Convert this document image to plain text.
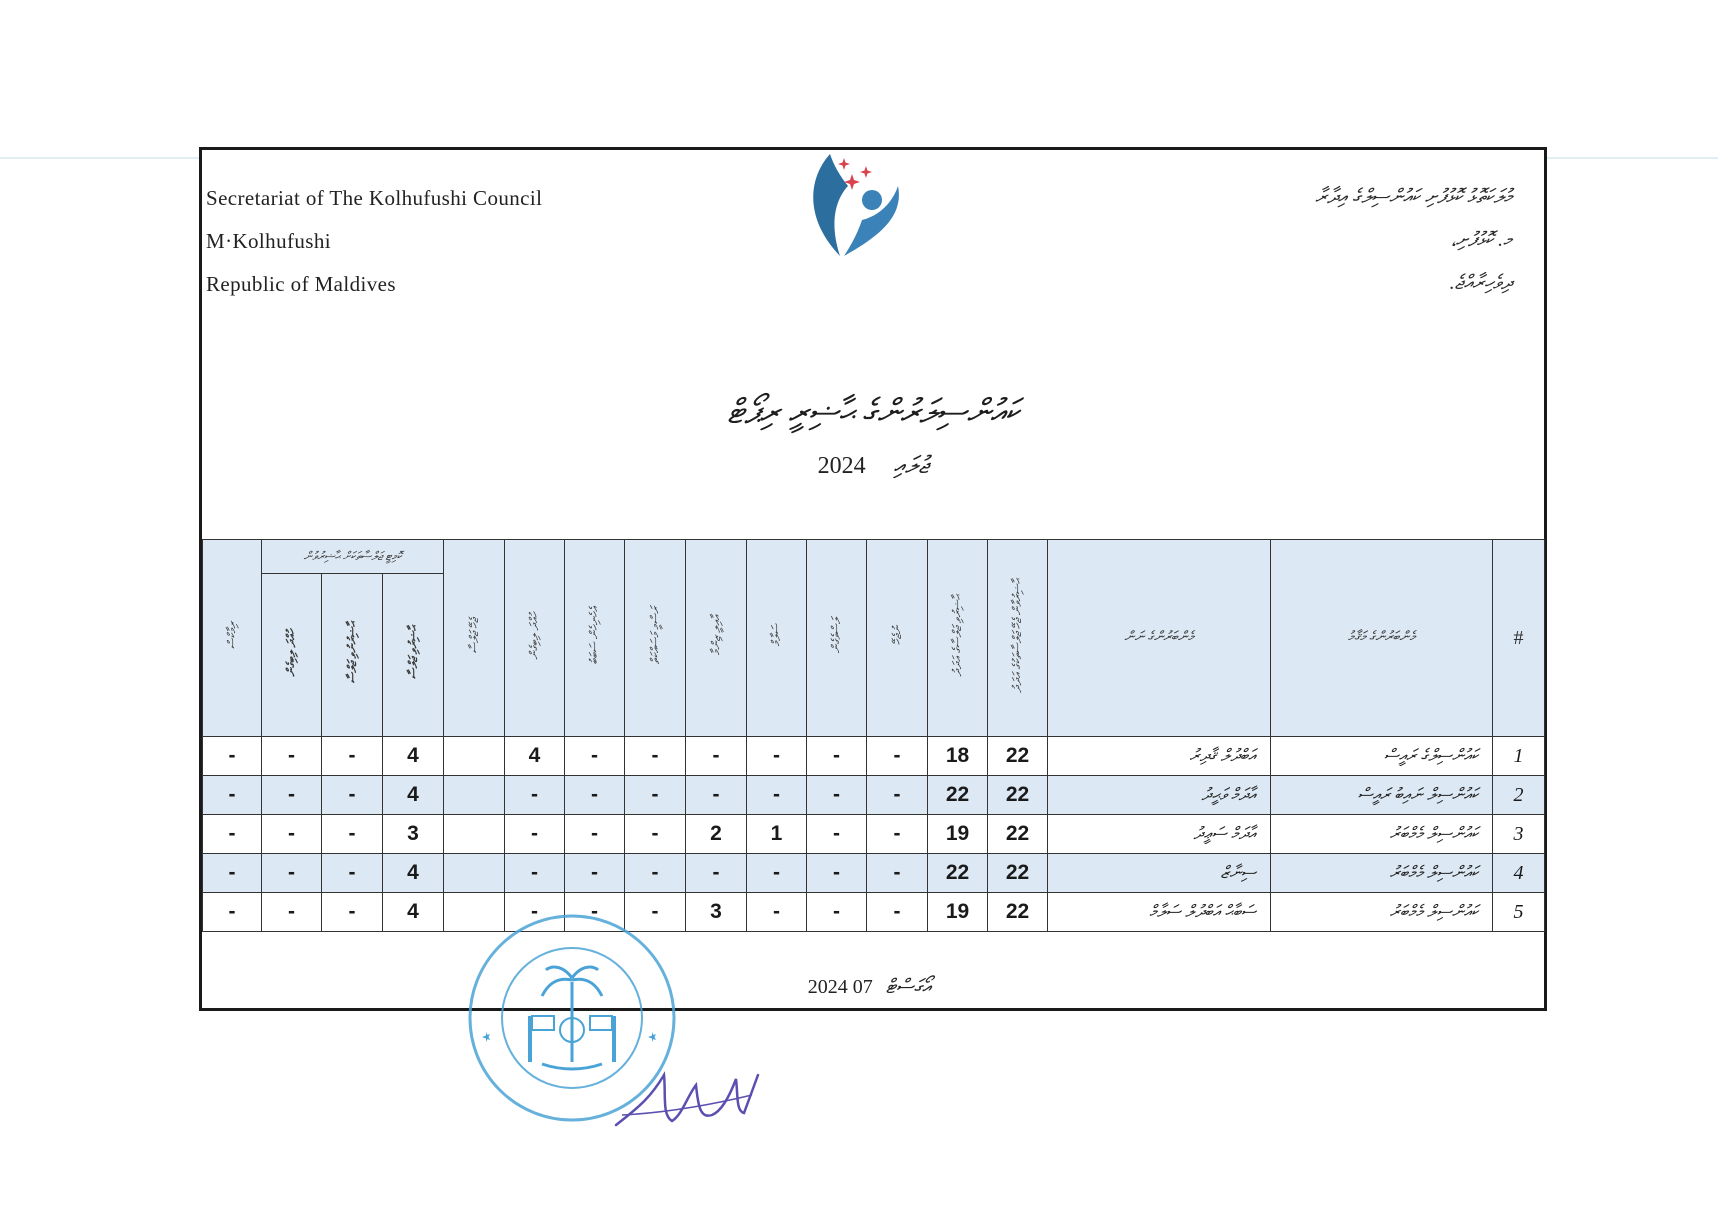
Secretariat of The Kolhufushi Council
M·Kolhufushi
Republic of Maldives
މުލަކަތޮޅު ކޮޅުފުށި ކައުންސިލްގެ އިދާރާ
މ. ކޮޅުފުށި،
ދިވެހިރާއްޖެ.
ކައުންސިލަރުންގެ ޙާޟިރީ ރިޕޯޓް
2024 ޖުލައި
ރިމާކްސް	ކޮމިޓީ ޖަލްސާތަކަށް ޙާޟިރުވުން			ޖެހޭ ޖަލްސާ	ހުއްދަ ލިބިގެން	އެހެނިހެން ސަބަބު	ރަސްމީ މަސައްކަތް	އާއިލީ ޒިންމާ	ސަލާމް	ލަސްވެގެން	ނުޖެހޭ	ޙާޟިރުވި ޖަލްސާގެ އަދަދު	ޙާޟިރުވާން ޖެހޭ ޖަލްސާތަކުގެ އަދަދު	މެންބަރުންގެ ނަން	މެންބަރުންގެ މަޤާމު	#
	ހުއްދަ ލިބިގެން	ޙާޟިރުނުވި ޖަލްސާ	ޙާޟިރުވި ޖަލްސާ													
-	-	-	4		4	-	-	-	-	-	-	18	22	އަބްދުލް ޤާދިރު	ކައުންސިލްގެ ރައީސް	1
-	-	-	4		-	-	-	-	-	-	-	22	22	އާދަމް ވަޙީދު	ކައުންސިލް ނައިބު ރައީސް	2
-	-	-	3		-	-	-	2	1	-	-	19	22	އާދަމް ސަޢީދު	ކައުންސިލް މެމްބަރު	3
-	-	-	4		-	-	-	-	-	-	-	22	22	ސިނާޒް	ކައުންސިލް މެމްބަރު	4
-	-	-	4		-	-	-	3	-	-	-	19	22	ސަބާޙް އަބްދުލް ސަލާމް	ކައުންސިލް މެމްބަރު	5
2024 އޯގަސްޓް 07
